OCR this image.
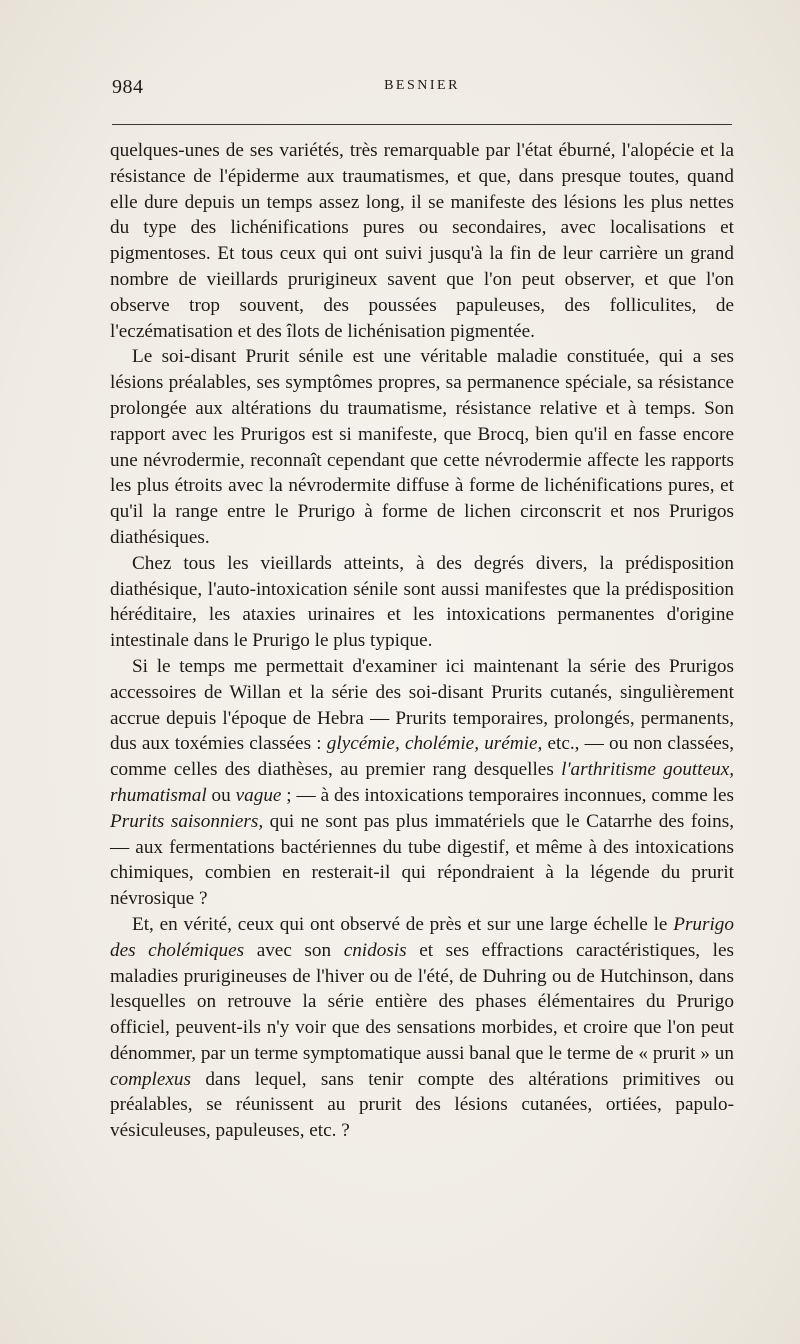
984	BESNIER

quelques-unes de ses variétés, très remarquable par l'état éburné, l'alopécie et la résistance de l'épiderme aux traumatismes, et que, dans presque toutes, quand elle dure depuis un temps assez long, il se manifeste des lésions les plus nettes du type des lichénifications pures ou secondaires, avec localisations et pigmentoses. Et tous ceux qui ont suivi jusqu'à la fin de leur carrière un grand nombre de vieillards prurigineux savent que l'on peut observer, et que l'on observe trop souvent, des poussées papuleuses, des folliculites, de l'eczématisation et des îlots de lichénisation pigmentée.

Le soi-disant Prurit sénile est une véritable maladie constituée, qui a ses lésions préalables, ses symptômes propres, sa permanence spéciale, sa résistance prolongée aux altérations du traumatisme, résistance relative et à temps. Son rapport avec les Prurigos est si manifeste, que Brocq, bien qu'il en fasse encore une névrodermie, reconnaît cependant que cette névrodermie affecte les rapports les plus étroits avec la névrodermite diffuse à forme de lichénifications pures, et qu'il la range entre le Prurigo à forme de lichen circonscrit et nos Prurigos diathésiques.

Chez tous les vieillards atteints, à des degrés divers, la prédisposition diathésique, l'auto-intoxication sénile sont aussi manifestes que la prédisposition héréditaire, les ataxies urinaires et les intoxications permanentes d'origine intestinale dans le Prurigo le plus typique.

Si le temps me permettait d'examiner ici maintenant la série des Prurigos accessoires de Willan et la série des soi-disant Prurits cutanés, singulièrement accrue depuis l'époque de Hebra — Prurits temporaires, prolongés, permanents, dus aux toxémies classées : glycémie, cholémie, urémie, etc., — ou non classées, comme celles des diathèses, au premier rang desquelles l'arthritisme goutteux, rhumatismal ou vague ; — à des intoxications temporaires inconnues, comme les Prurits saisonniers, qui ne sont pas plus immatériels que le Catarrhe des foins, — aux fermentations bactériennes du tube digestif, et même à des intoxications chimiques, combien en resterait-il qui répondraient à la légende du prurit névrosique ?

Et, en vérité, ceux qui ont observé de près et sur une large échelle le Prurigo des cholémiques avec son cnidosis et ses effractions caractéristiques, les maladies prurigineuses de l'hiver ou de l'été, de Duhring ou de Hutchinson, dans lesquelles on retrouve la série entière des phases élémentaires du Prurigo officiel, peuvent-ils n'y voir que des sensations morbides, et croire que l'on peut dénommer, par un terme symptomatique aussi banal que le terme de « prurit » un complexus dans lequel, sans tenir compte des altérations primitives ou préalables, se réunissent au prurit des lésions cutanées, ortiées, papulo-vésiculeuses, papuleuses, etc. ?
